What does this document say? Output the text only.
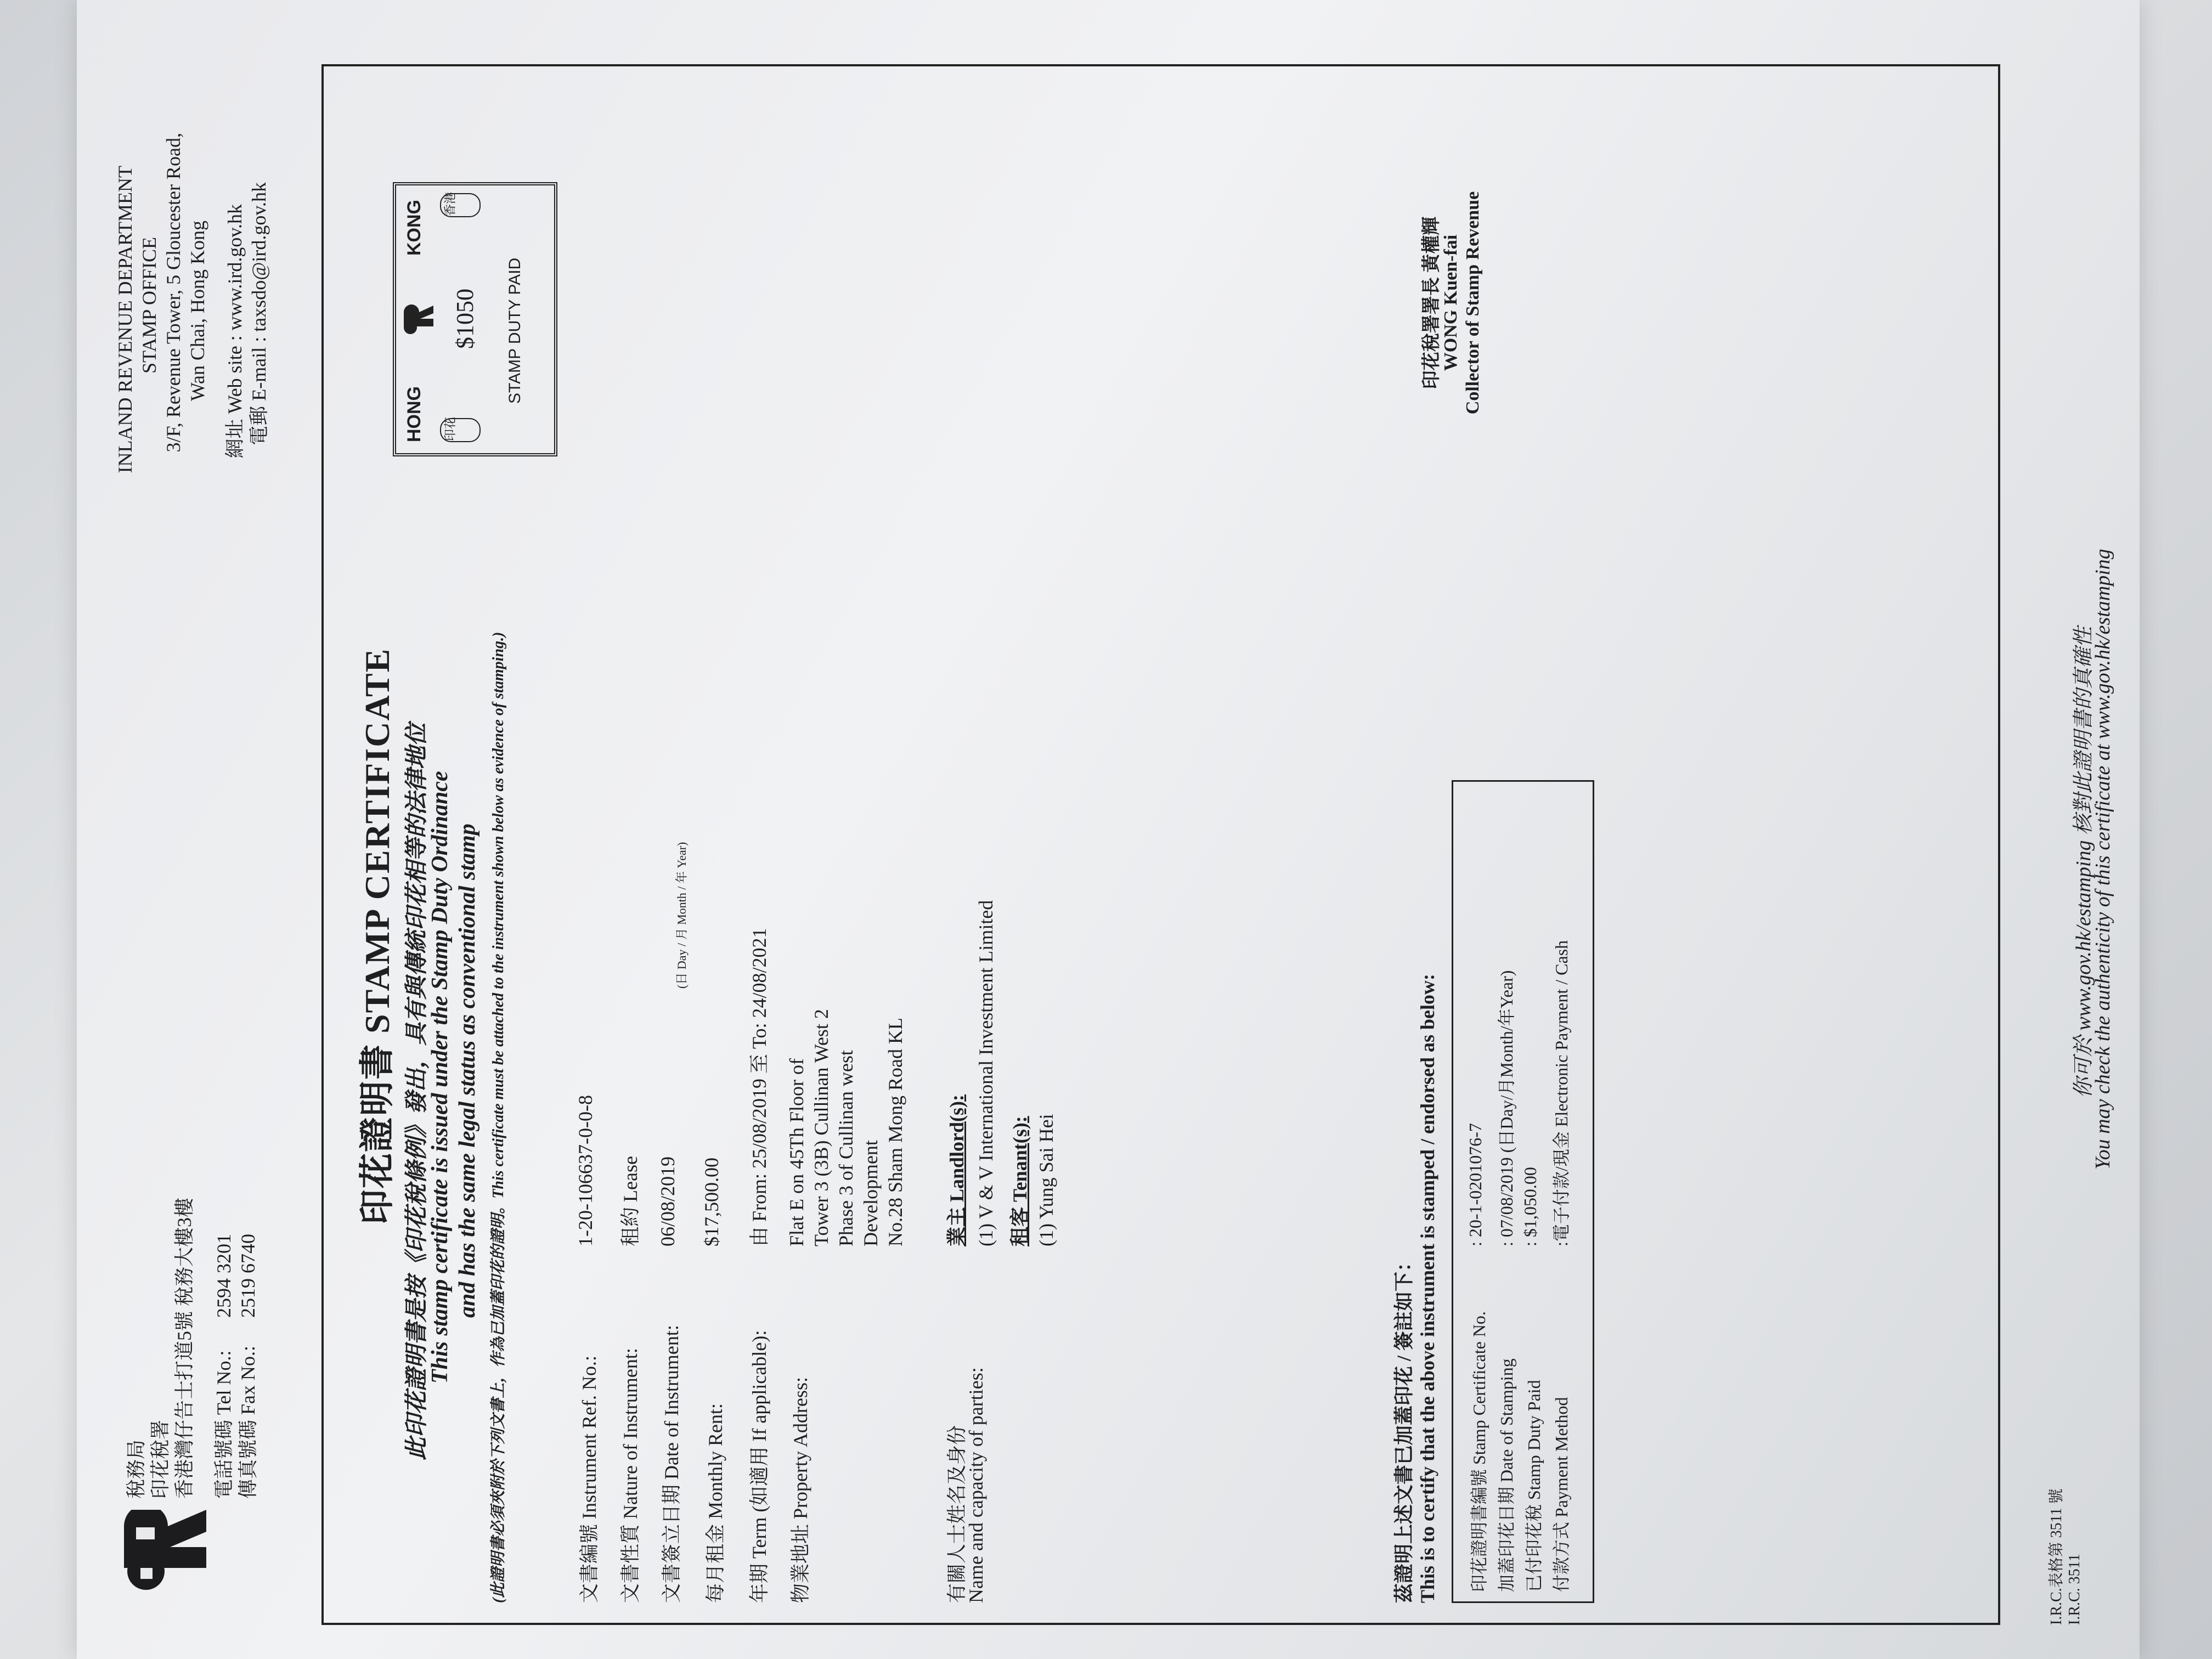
稅務局 印花稅署 香港灣仔告士打道5號 稅務大樓3樓 電話號碼 Tel No.:
2594 3201
傳真號碼 Fax No.:
2519 6740
INLAND REVENUE DEPARTMENT STAMP OFFICE 3/F, Revenue Tower, 5 Gloucester Road, Wan Chai, Hong Kong 網址 Web site : www.ird.gov.hk 電郵 E-mail : taxsdo@ird.gov.hk
印花證明書 STAMP CERTIFICATE 此印花證明書是按《印花稅條例》發出，具有與傳統印花相等的法律地位
This stamp certificate is issued under the Stamp Duty Ordinance and has the same legal status as conventional stamp (此證明書必須夾附於下列文書上，作為已加蓋印花的證明。This certificate must be attached to the instrument shown below as evidence of stamping.)
HONG
KONG
$1050 STAMP DUTY PAID
印花
香港
文書編號 Instrument Ref. No.:
1-20-106637-0-0-8
文書性質 Nature of Instrument:
租約 Lease
文書簽立日期 Date of Instrument:
06/08/2019
(日 Day / 月 Month / 年 Year)
每月租金 Monthly Rent:
$17,500.00
年期 Term (如適用 If applicable):
由 From: 25/08/2019 至 To: 24/08/2021
物業地址 Property Address:
Flat E on 45Th Floor of Tower 3 (3B) Cullinan West 2 Phase 3 of Cullinan west Development No.28 Sham Mong Road KL
有關人士姓名及身份
Name and capacity of parties:
業主 Landlord(s): (1) V & V International Investment Limited 租客 Tenant(s): (1) Yung Sai Hei
印花稅署署長 黃權輝
WONG Kuen-fai Collector of Stamp Revenue
茲證明上述文書已加蓋印花 / 簽註如下： This is to certify that the above instrument is stamped / endorsed as below: 印花證明書編號 Stamp Certificate No.
: 20-1-0201076-7
加蓋印花日期 Date of Stamping
: 07/08/2019 (日Day/月Month/年Year)
已付印花稅 Stamp Duty Paid
: $1,050.00
付款方式 Payment Method
:電子付款/現金 Electronic Payment / Cash
I.R.C.表格第 3511 號 I.R.C. 3511
你可於 www.gov.hk/estamping 核對此證明書的真確性
You may check the authenticity of this certificate at www.gov.hk/estamping
